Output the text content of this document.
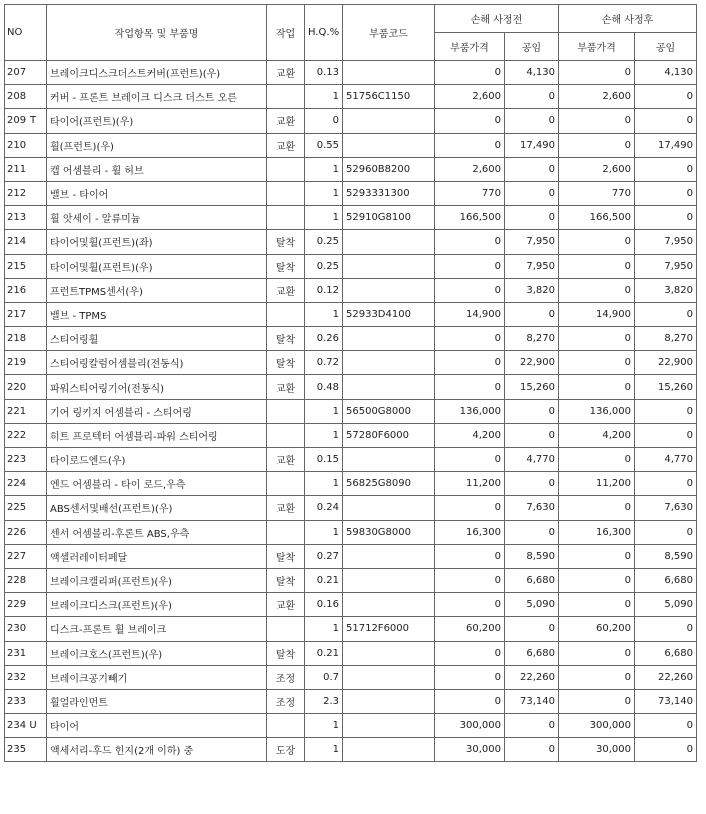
NO	작업항목 및 부품명	작업	H.Q.%	부품코드	손해 사정전		손해 사정후	
					부품가격	공임	부품가격	공임
207	브레이크디스크더스트커버(프런트)(우)	교환	0.13		0	4,130	0	4,130
208	커버 - 프론트 브레이크 디스크 더스트 오른		1	51756C1150	2,600	0	2,600	0
209 T	타이어(프런트)(우)	교환	0		0	0	0	0
210	휠(프런트)(우)	교환	0.55		0	17,490	0	17,490
211	캡 어셈블리 - 휠 허브		1	52960B8200	2,600	0	2,600	0
212	밸브 - 타이어		1	5293331300	770	0	770	0
213	휠 앗세이 - 알류미늄		1	52910G8100	166,500	0	166,500	0
214	타이어및휠(프런트)(좌)	탈착	0.25		0	7,950	0	7,950
215	타이어및휠(프런트)(우)	탈착	0.25		0	7,950	0	7,950
216	프런트TPMS센서(우)	교환	0.12		0	3,820	0	3,820
217	밸브 - TPMS		1	52933D4100	14,900	0	14,900	0
218	스티어링휠	탈착	0.26		0	8,270	0	8,270
219	스티어링칼럼어셈블리(전동식)	탈착	0.72		0	22,900	0	22,900
220	파워스티어링기어(전동식)	교환	0.48		0	15,260	0	15,260
221	기어 링키지 어셈블리 - 스티어링		1	56500G8000	136,000	0	136,000	0
222	히트 프로텍터 어셈블리-파워 스티어링		1	57280F6000	4,200	0	4,200	0
223	타이로드엔드(우)	교환	0.15		0	4,770	0	4,770
224	엔드 어셈블리 - 타이 로드,우측		1	56825G8090	11,200	0	11,200	0
225	ABS센서및배선(프런트)(우)	교환	0.24		0	7,630	0	7,630
226	센서 어셈블리-후론트 ABS,우측		1	59830G8000	16,300	0	16,300	0
227	액셀러레이터페달	탈착	0.27		0	8,590	0	8,590
228	브레이크캘리퍼(프런트)(우)	탈착	0.21		0	6,680	0	6,680
229	브레이크디스크(프런트)(우)	교환	0.16		0	5,090	0	5,090
230	디스크-프론트 휠 브레이크		1	51712F6000	60,200	0	60,200	0
231	브레이크호스(프런트)(우)	탈착	0.21		0	6,680	0	6,680
232	브레이크공기빼기	조정	0.7		0	22,260	0	22,260
233	휠얼라인먼트	조정	2.3		0	73,140	0	73,140
234 U	타이어		1		300,000	0	300,000	0
235	액세서리-후드 힌지(2개 이하) 중	도장	1		30,000	0	30,000	0
